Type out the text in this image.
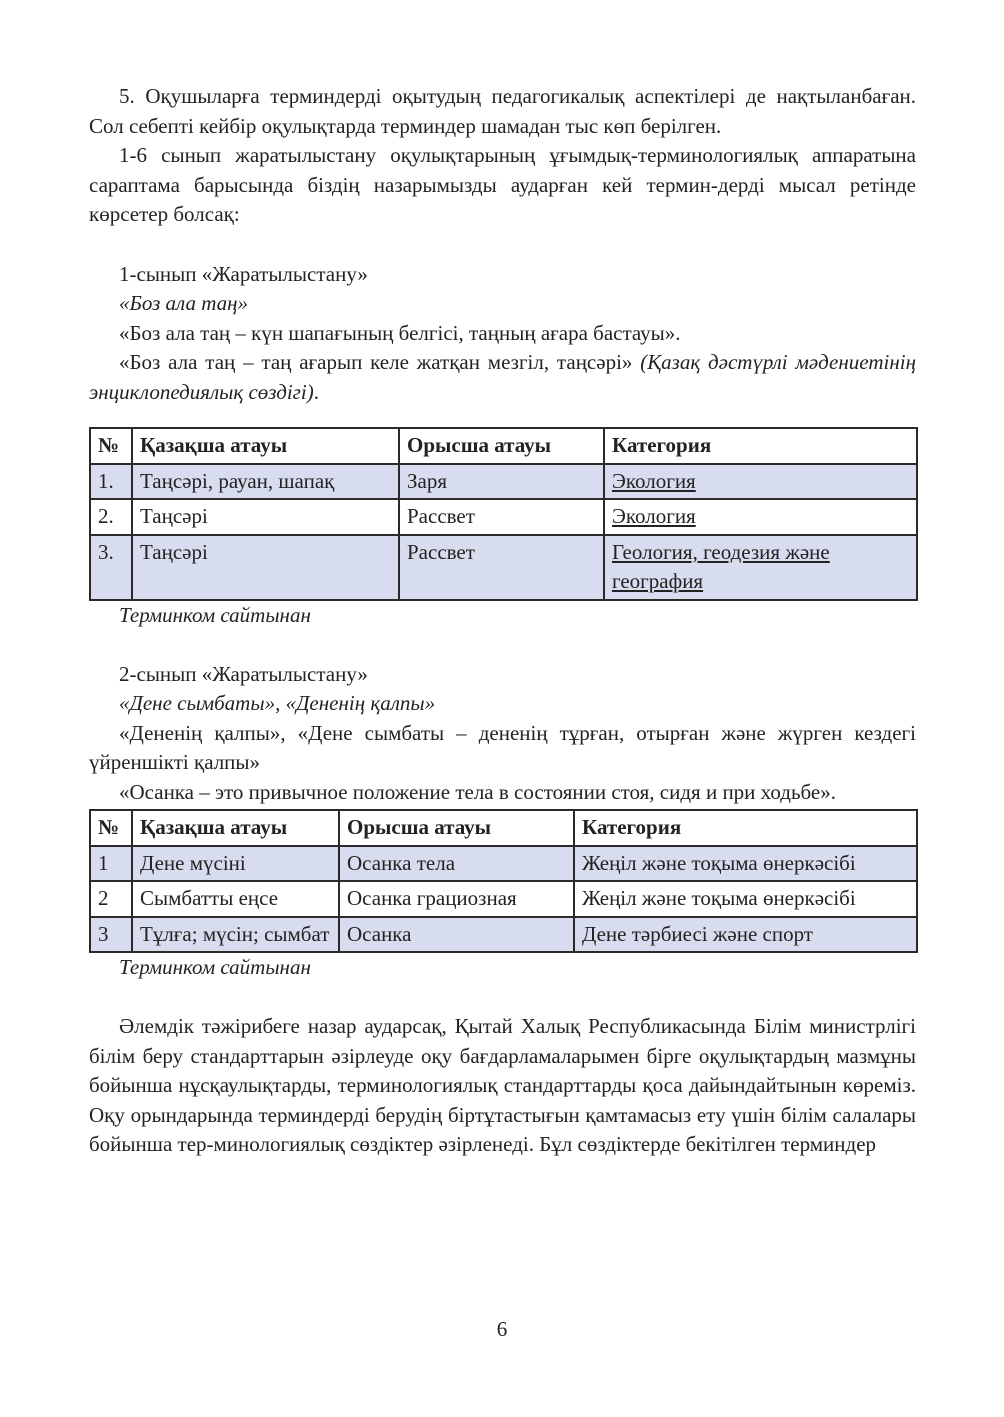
5. Оқушыларға терминдерді оқытудың педагогикалық аспектілері де нақтыланбаған. Сол себепті кейбір оқулықтарда терминдер шамадан тыс көп берілген.

1-6 сынып жаратылыстану оқулықтарының ұғымдық-терминологиялық аппаратына сараптама барысында біздің назарымызды аударған кей термин-дерді мысал ретінде көрсетер болсақ:

1-сынып «Жаратылыстану»

«Боз ала таң»

«Боз ала таң – күн шапағының белгісі, таңның ағара бастауы».

«Боз ала таң – таң ағарып келе жатқан мезгіл, таңсәрі» (Қазақ дәстүрлі мәдениетінің энциклопедиялық сөздігі).

№	Қазақша атауы	Орысша атауы	Категория
1.	Таңсәрі, рауан, шапақ	Заря	Экология
2.	Таңсәрі	Рассвет	Экология
3.	Таңсәрі	Рассвет	Геология, геодезия және география
Терминком сайтынан

2-сынып «Жаратылыстану»

«Дене сымбаты», «Дененің қалпы»

«Дененің қалпы», «Дене сымбаты – дененің тұрған, отырған және жүрген кездегі үйреншікті қалпы»

«Осанка – это привычное положение тела в состоянии стоя, сидя и при ходьбе».

№	Қазақша атауы	Орысша атауы	Категория
1	Дене мүсіні	Осанка тела	Жеңіл және тоқыма өнеркәсібі
2	Сымбатты еңсе	Осанка грациозная	Жеңіл және тоқыма өнеркәсібі
3	Тұлға; мүсін; сымбат	Осанка	Дене тәрбиесі және спорт
Терминком сайтынан

Әлемдік тәжірибеге назар аударсақ, Қытай Халық Республикасында Білім министрлігі білім беру стандарттарын әзірлеуде оқу бағдарламаларымен бірге оқулықтардың мазмұны бойынша нұсқаулықтарды, терминологиялық стандарттарды қоса дайындайтынын көреміз. Оқу орындарында терминдерді берудің біртұтастығын қамтамасыз ету үшін білім салалары бойынша тер-минологиялық сөздіктер әзірленеді. Бұл сөздіктерде бекітілген терминдер

6
